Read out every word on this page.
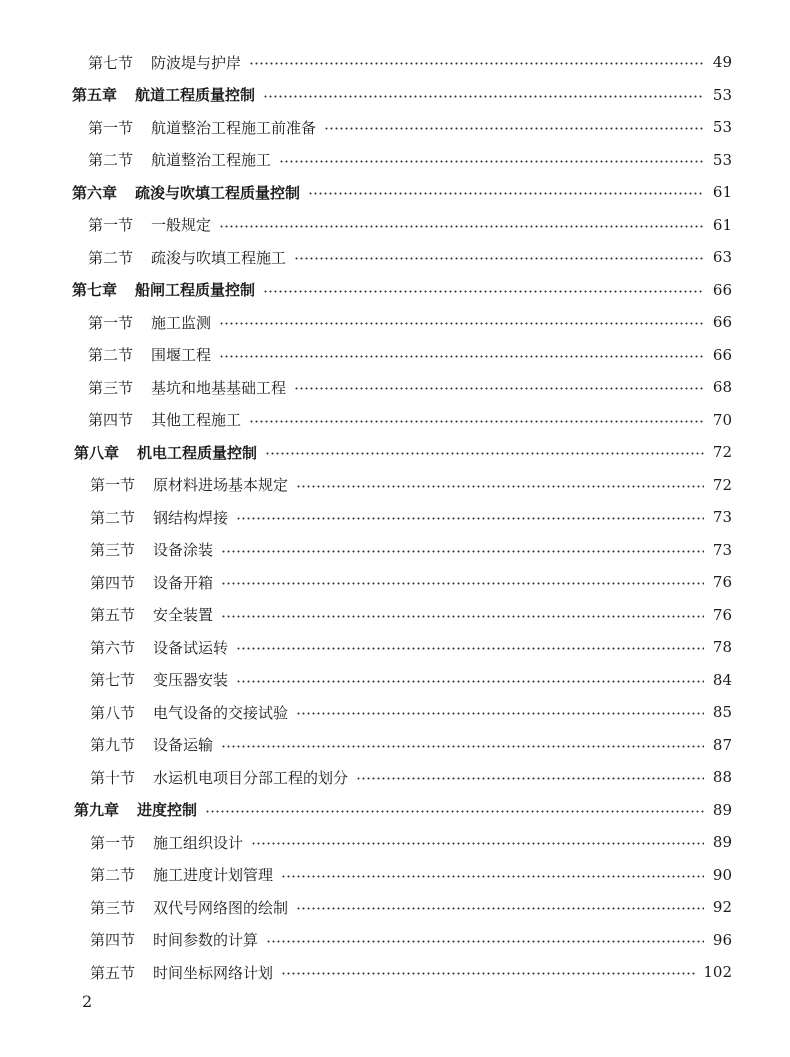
第七节 防波堤与护岸	49
第五章 航道工程质量控制	53
第一节 航道整治工程施工前准备	53
第二节 航道整治工程施工	53
第六章 疏浚与吹填工程质量控制	61
第一节 一般规定	61
第二节 疏浚与吹填工程施工	63
第七章 船闸工程质量控制	66
第一节 施工监测	66
第二节 围堰工程	66
第三节 基坑和地基基础工程	68
第四节 其他工程施工	70
第八章 机电工程质量控制	72
第一节 原材料进场基本规定	72
第二节 钢结构焊接	73
第三节 设备涂装	73
第四节 设备开箱	76
第五节 安全装置	76
第六节 设备试运转	78
第七节 变压器安装	84
第八节 电气设备的交接试验	85
第九节 设备运输	87
第十节 水运机电项目分部工程的划分	88
第九章 进度控制	89
第一节 施工组织设计	89
第二节 施工进度计划管理	90
第三节 双代号网络图的绘制	92
第四节 时间参数的计算	96
第五节 时间坐标网络计划	102
2
